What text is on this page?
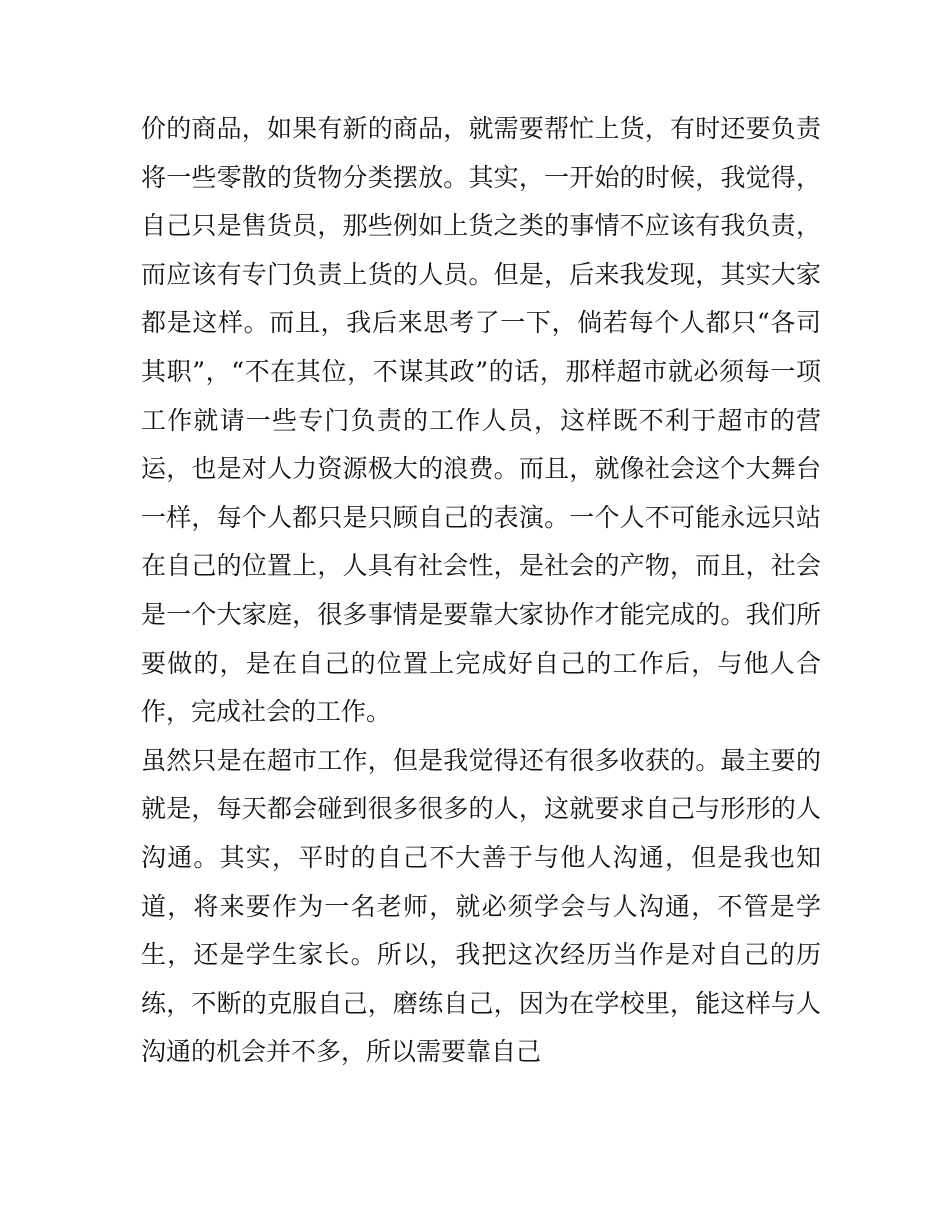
价的商品，如果有新的商品，就需要帮忙上货，有时还要负责
将一些零散的货物分类摆放。其实，一开始的时候，我觉得，
自己只是售货员，那些例如上货之类的事情不应该有我负责，
而应该有专门负责上货的人员。但是，后来我发现，其实大家
都是这样。而且，我后来思考了一下，倘若每个人都只“各司
其职”，“不在其位，不谋其政”的话，那样超市就必须每一项
工作就请一些专门负责的工作人员，这样既不利于超市的营
运，也是对人力资源极大的浪费。而且，就像社会这个大舞台
一样，每个人都只是只顾自己的表演。一个人不可能永远只站
在自己的位置上，人具有社会性，是社会的产物，而且，社会
是一个大家庭，很多事情是要靠大家协作才能完成的。我们所
要做的，是在自己的位置上完成好自己的工作后，与他人合
作，完成社会的工作。
虽然只是在超市工作，但是我觉得还有很多收获的。最主要的
就是，每天都会碰到很多很多的人，这就要求自己与形形的人
沟通。其实，平时的自己不大善于与他人沟通，但是我也知
道，将来要作为一名老师，就必须学会与人沟通，不管是学
生，还是学生家长。所以，我把这次经历当作是对自己的历
练，不断的克服自己，磨练自己，因为在学校里，能这样与人
沟通的机会并不多，所以需要靠自己
